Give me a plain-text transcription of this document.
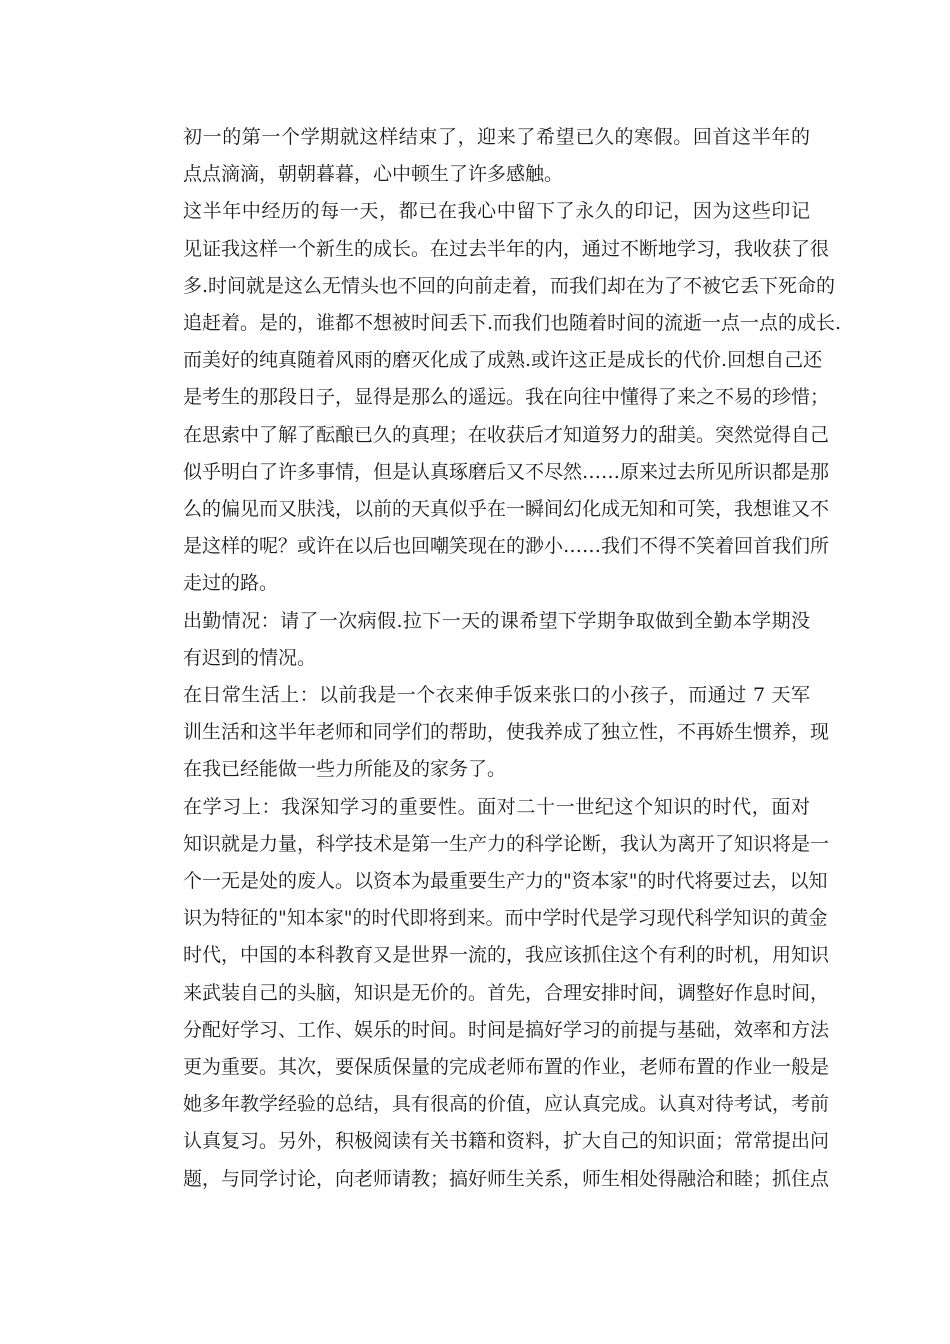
初一的第一个学期就这样结束了，迎来了希望已久的寒假。回首这半年的
点点滴滴，朝朝暮暮，心中顿生了许多感触。

这半年中经历的每一天，都已在我心中留下了永久的印记，因为这些印记
见证我这样一个新生的成长。在过去半年的内，通过不断地学习，我收获了很
多.时间就是这么无情头也不回的向前走着，而我们却在为了不被它丢下死命的
追赶着。是的，谁都不想被时间丢下.而我们也随着时间的流逝一点一点的成长.
而美好的纯真随着风雨的磨灭化成了成熟.或许这正是成长的代价.回想自己还
是考生的那段日子，显得是那么的遥远。我在向往中懂得了来之不易的珍惜；
在思索中了解了酝酿已久的真理；在收获后才知道努力的甜美。突然觉得自己
似乎明白了许多事情，但是认真琢磨后又不尽然……原来过去所见所识都是那
么的偏见而又肤浅，以前的天真似乎在一瞬间幻化成无知和可笑，我想谁又不
是这样的呢？或许在以后也回嘲笑现在的渺小……我们不得不笑着回首我们所
走过的路。

出勤情况：请了一次病假.拉下一天的课希望下学期争取做到全勤本学期没
有迟到的情况。

在日常生活上：以前我是一个衣来伸手饭来张口的小孩子，而通过 7 天军
训生活和这半年老师和同学们的帮助，使我养成了独立性，不再娇生惯养，现
在我已经能做一些力所能及的家务了。

在学习上：我深知学习的重要性。面对二十一世纪这个知识的时代，面对
知识就是力量，科学技术是第一生产力的科学论断，我认为离开了知识将是一
个一无是处的废人。以资本为最重要生产力的"资本家"的时代将要过去，以知
识为特征的"知本家"的时代即将到来。而中学时代是学习现代科学知识的黄金
时代，中国的本科教育又是世界一流的，我应该抓住这个有利的时机，用知识
来武装自己的头脑，知识是无价的。首先，合理安排时间，调整好作息时间，
分配好学习、工作、娱乐的时间。时间是搞好学习的前提与基础，效率和方法
更为重要。其次，要保质保量的完成老师布置的作业，老师布置的作业一般是
她多年教学经验的总结，具有很高的价值，应认真完成。认真对待考试，考前
认真复习。另外，积极阅读有关书籍和资料，扩大自己的知识面；常常提出问
题，与同学讨论，向老师请教；搞好师生关系，师生相处得融洽和睦；抓住点
